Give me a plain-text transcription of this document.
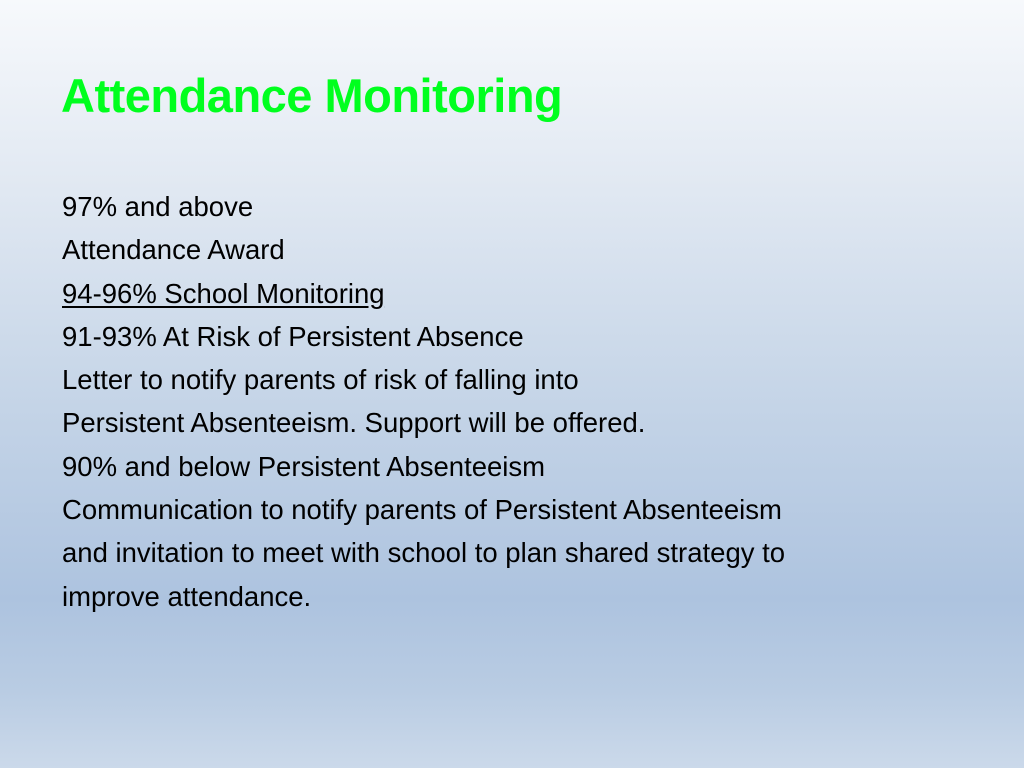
Attendance Monitoring
97% and above
Attendance Award
94-96% School Monitoring
91-93% At Risk of Persistent Absence
Letter to notify parents of risk of falling into
Persistent Absenteeism. Support will be offered.
90% and below Persistent Absenteeism
Communication to notify parents of Persistent Absenteeism
and invitation to meet with school to plan shared strategy to
improve attendance.
